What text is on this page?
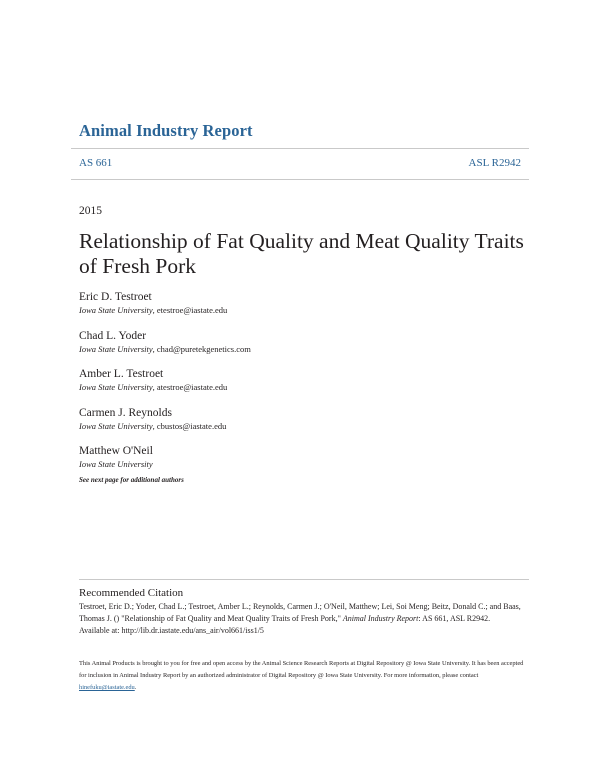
Animal Industry Report
AS 661	ASL R2942
2015
Relationship of Fat Quality and Meat Quality Traits of Fresh Pork
Eric D. Testroet
Iowa State University, etestroe@iastate.edu
Chad L. Yoder
Iowa State University, chad@puretekgenetics.com
Amber L. Testroet
Iowa State University, atestroe@iastate.edu
Carmen J. Reynolds
Iowa State University, cbustos@iastate.edu
Matthew O'Neil
Iowa State University
See next page for additional authors
Recommended Citation
Testroet, Eric D.; Yoder, Chad L.; Testroet, Amber L.; Reynolds, Carmen J.; O'Neil, Matthew; Lei, Soi Meng; Beitz, Donald C.; and Baas, Thomas J. () "Relationship of Fat Quality and Meat Quality Traits of Fresh Pork," Animal Industry Report: AS 661, ASL R2942.
Available at: http://lib.dr.iastate.edu/ans_air/vol661/iss1/5
This Animal Products is brought to you for free and open access by the Animal Science Research Reports at Digital Repository @ Iowa State University. It has been accepted for inclusion in Animal Industry Report by an authorized administrator of Digital Repository @ Iowa State University. For more information, please contact hinefuku@iastate.edu.
